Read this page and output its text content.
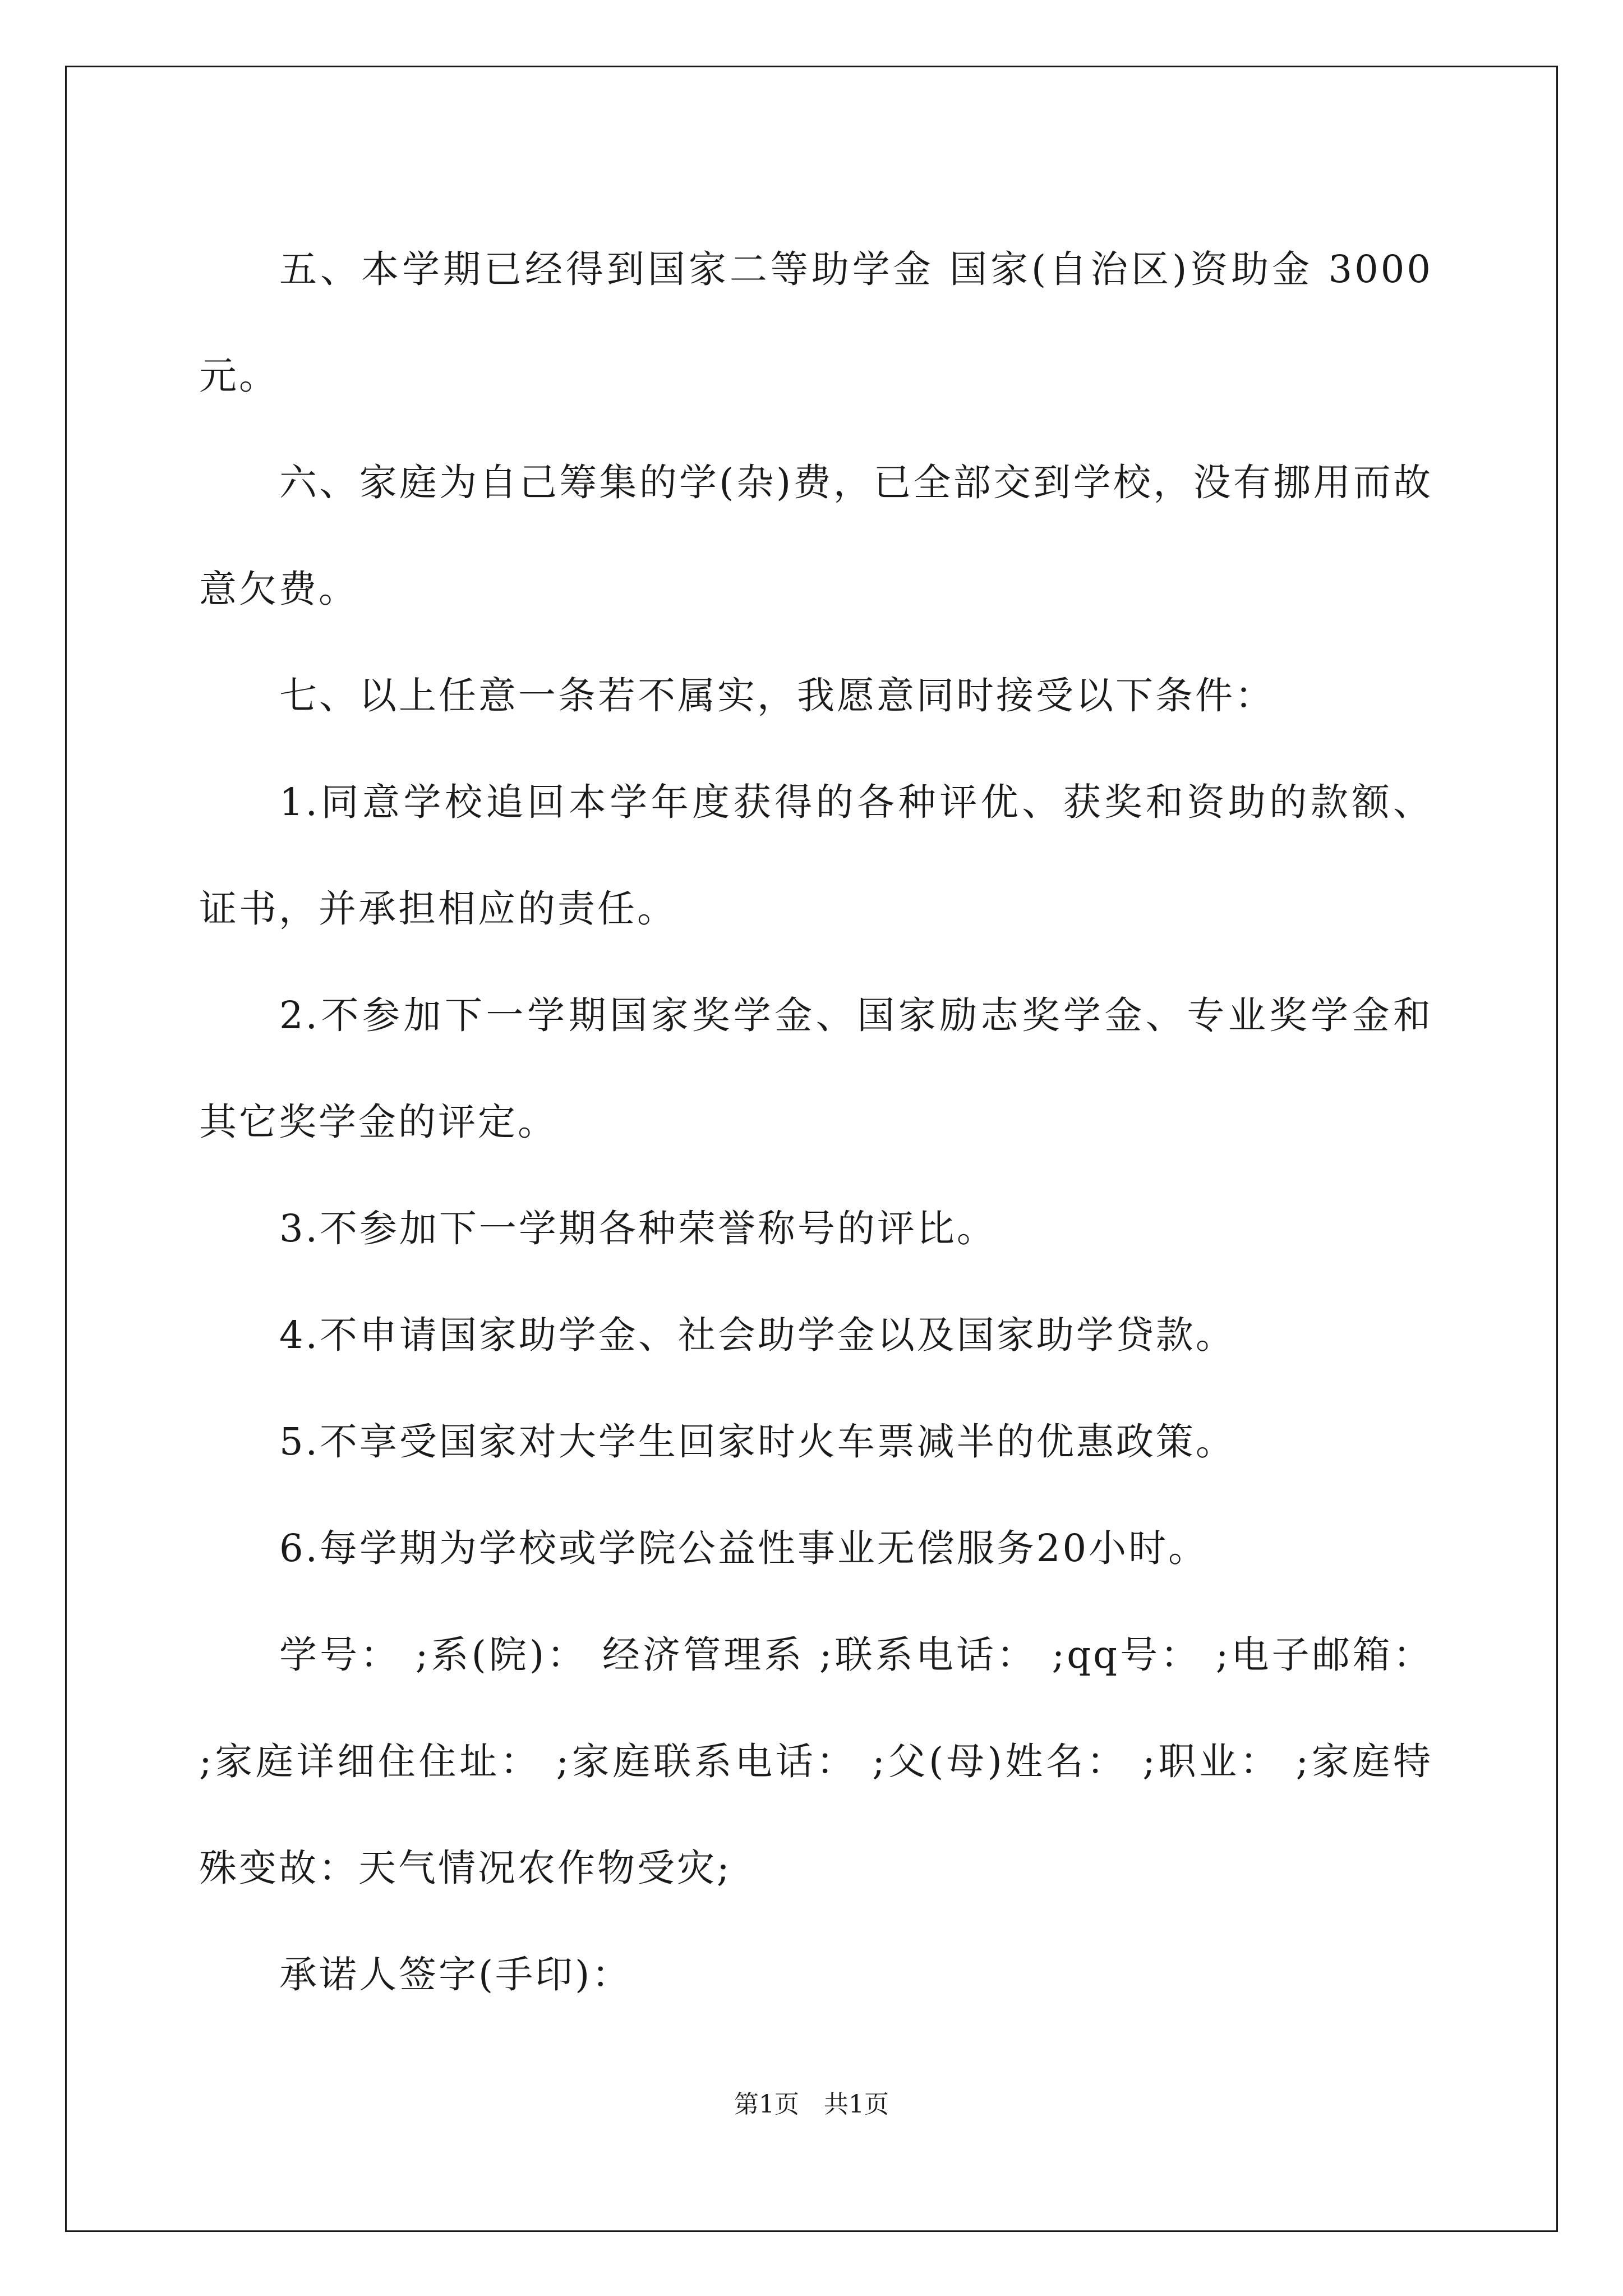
五、本学期已经得到国家二等助学金 国家(自治区)资助金 3000元。

六、家庭为自己筹集的学(杂)费，已全部交到学校，没有挪用而故意欠费。

七、以上任意一条若不属实，我愿意同时接受以下条件：

1.同意学校追回本学年度获得的各种评优、获奖和资助的款额、证书，并承担相应的责任。

2.不参加下一学期国家奖学金、国家励志奖学金、专业奖学金和其它奖学金的评定。

3.不参加下一学期各种荣誉称号的评比。

4.不申请国家助学金、社会助学金以及国家助学贷款。

5.不享受国家对大学生回家时火车票减半的优惠政策。

6.每学期为学校或学院公益性事业无偿服务20小时。

学号： ;系(院)： 经济管理系 ;联系电话： ;qq号： ;电子邮箱： ;家庭详细住住址： ;家庭联系电话： ;父(母)姓名： ;职业： ;家庭特殊变故：天气情况农作物受灾;

承诺人签字(手印)：

第1页 共1页
